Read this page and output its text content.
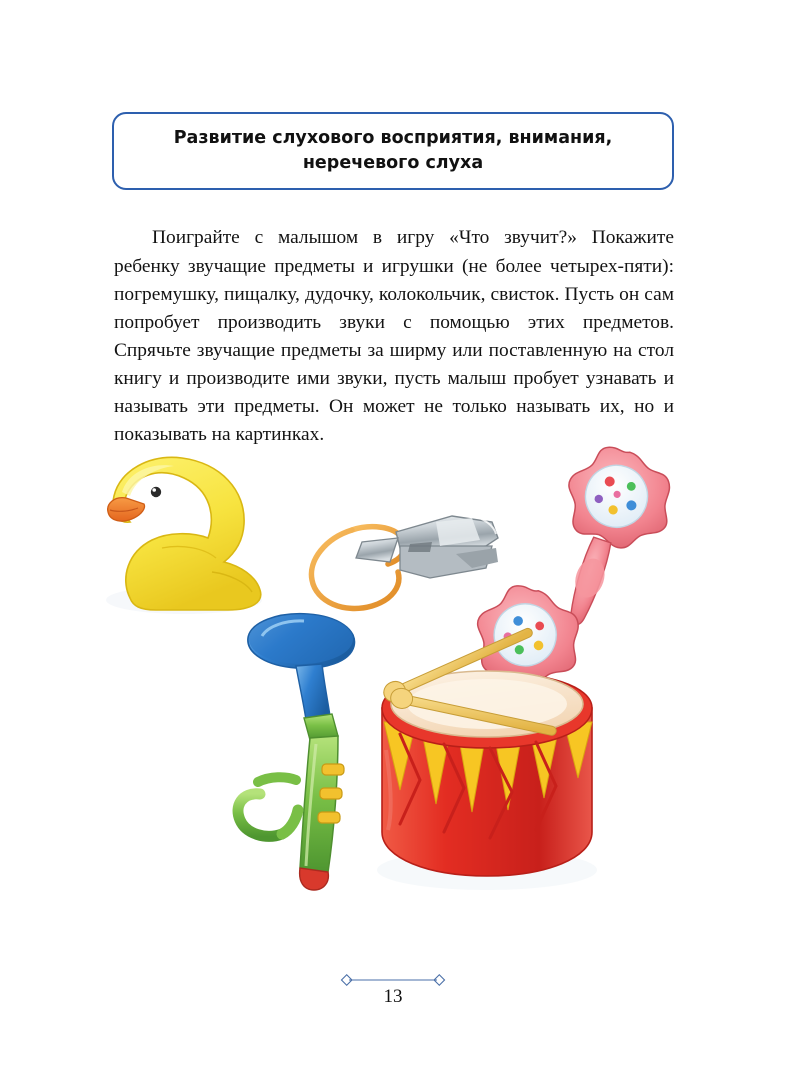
Развитие слухового восприятия, внимания,
неречевого слуха

Поиграйте с малышом в игру «Что звучит?» Покажите ребенку звучащие предметы и игрушки (не более четырех-пяти): погремушку, пищалку, дудочку, колокольчик, свисток. Пусть он сам попробует производить звуки с помощью этих предметов. Спрячьте звучащие предметы за ширму или поставленную на стол книгу и производите ими звуки, пусть малыш пробует узнавать и называть эти предметы. Он может не только называть их, но и показывать на картинках.

13
